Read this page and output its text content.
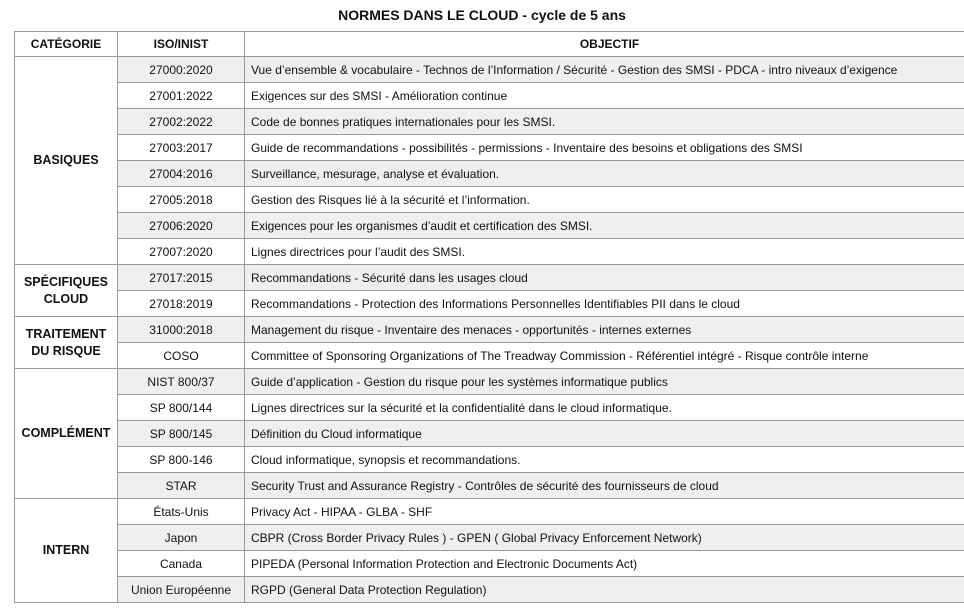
NORMES DANS LE CLOUD - cycle de 5 ans
CATÉGORIE	ISO/INIST	OBJECTIF
BASIQUES	27000:2020	Vue d’ensemble & vocabulaire - Technos de l’Information / Sécurité - Gestion des SMSI - PDCA - intro niveaux d’exigence
	27001:2022	Exigences sur des SMSI - Amélioration continue
	27002:2022	Code de bonnes pratiques internationales pour les SMSI.
	27003:2017	Guide de recommandations - possibilités - permissions - Inventaire des besoins et obligations des SMSI
	27004:2016	Surveillance, mesurage, analyse et évaluation.
	27005:2018	Gestion des Risques lié à la sécurité et l’information.
	27006:2020	Exigences pour les organismes d’audit et certification des SMSI.
	27007:2020	Lignes directrices pour l’audit des SMSI.
SPÉCIFIQUES CLOUD	27017:2015	Recommandations - Sécurité dans les usages cloud
	27018:2019	Recommandations - Protection des Informations Personnelles Identifiables PII dans le cloud
TRAITEMENT DU RISQUE	31000:2018	Management du risque - Inventaire des menaces - opportunités - internes externes
	COSO	Committee of Sponsoring Organizations of The Treadway Commission - Référentiel intégré - Risque contrôle interne
COMPLÉMENT	NIST 800/37	Guide d’application - Gestion du risque pour les systèmes informatique publics
	SP 800/144	Lignes directrices sur la sécurité et la confidentialité dans le cloud informatique.
	SP 800/145	Définition du Cloud informatique
	SP 800-146	Cloud informatique, synopsis et recommandations.
	STAR	Security Trust and Assurance Registry - Contrôles de sécurité des fournisseurs de cloud
INTERN	États-Unis	Privacy Act - HIPAA - GLBA - SHF
	Japon	CBPR (Cross Border Privacy Rules ) - GPEN ( Global Privacy Enforcement Network)
	Canada	PIPEDA (Personal Information Protection and Electronic Documents Act)
	Union Européenne	RGPD (General Data Protection Regulation)
